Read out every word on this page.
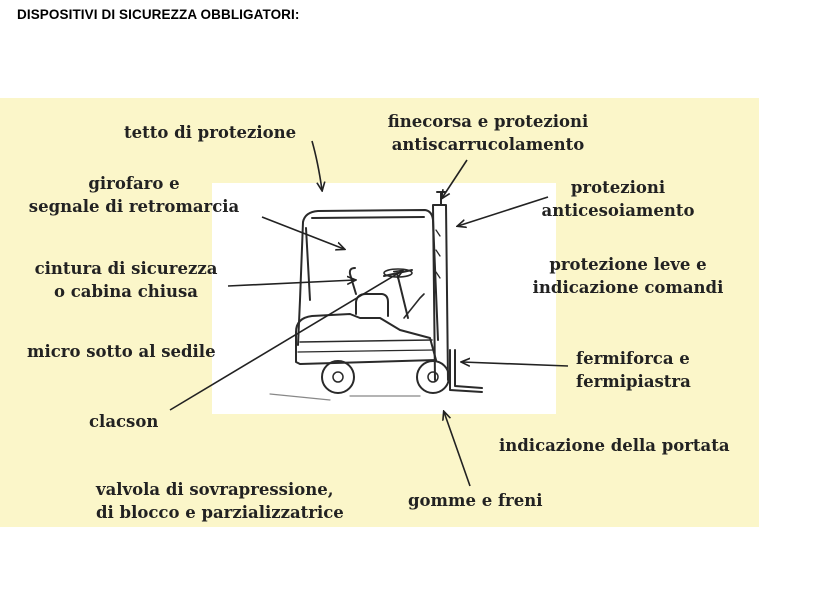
DISPOSITIVI DI SICUREZZA OBBLIGATORI:
tetto di protezione
finecorsa e protezioni
antiscarrucolamento
girofaro e
segnale di retromarcia
protezioni
anticesoiamento
cintura di sicurezza
o cabina chiusa
protezione leve e
indicazione comandi
micro sotto al sedile	fermiforca e
fermipiastra
clacson
indicazione della portata
valvola di sovrapressione,
di blocco e parzializzatrice
gomme e freni
